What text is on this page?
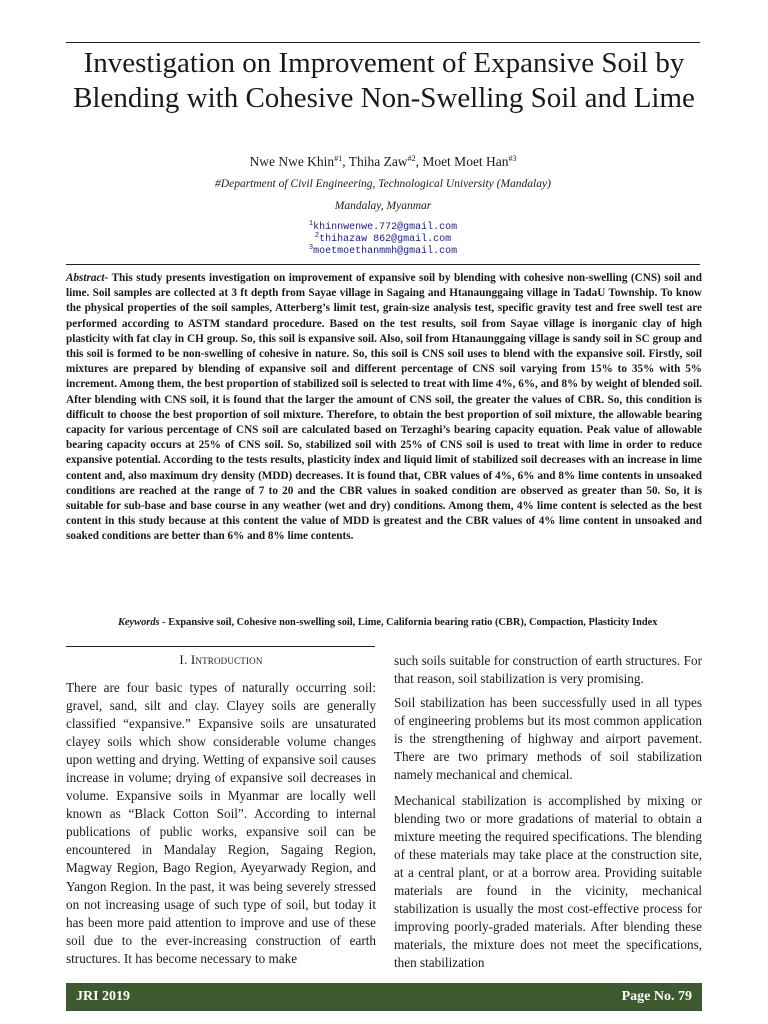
Investigation on Improvement of Expansive Soil by Blending with Cohesive Non-Swelling Soil and Lime
Nwe Nwe Khin$^{\#1}$, Thiha Zaw$^{\#2}$, Moet Moet Han$^{\#3}$
#Department of Civil Engineering, Technological University (Mandalay)
Mandalay, Myanmar
$^1$khinnwenwe.772@gmail.com
$^2$thihazaw 862@gmail.com
$^3$moetmoethanmmh@gmail.com

Abstract- This study presents investigation on improvement of expansive soil by blending with cohesive non-swelling (CNS) soil and lime. Soil samples are collected at 3 ft depth from Sayae village in Sagaing and Htanaunggaing village in TadaU Township. To know the physical properties of the soil samples, Atterberg’s limit test, grain-size analysis test, specific gravity test and free swell test are performed according to ASTM standard procedure. Based on the test results, soil from Sayae village is inorganic clay of high plasticity with fat clay in CH group. So, this soil is expansive soil. Also, soil from Htanaunggaing village is sandy soil in SC group and this soil is formed to be non-swelling of cohesive in nature. So, this soil is CNS soil uses to blend with the expansive soil. Firstly, soil mixtures are prepared by blending of expansive soil and different percentage of CNS soil varying from 15% to 35% with 5% increment. Among them, the best proportion of stabilized soil is selected to treat with lime 4%, 6%, and 8% by weight of blended soil. After blending with CNS soil, it is found that the larger the amount of CNS soil, the greater the values of CBR. So, this condition is difficult to choose the best proportion of soil mixture. Therefore, to obtain the best proportion of soil mixture, the allowable bearing capacity for various percentage of CNS soil are calculated based on Terzaghi’s bearing capacity equation. Peak value of allowable bearing capacity occurs at 25% of CNS soil. So, stabilized soil with 25% of CNS soil is used to treat with lime in order to reduce expansive potential. According to the tests results, plasticity index and liquid limit of stabilized soil decreases with an increase in lime content and, also maximum dry density (MDD) decreases. It is found that, CBR values of 4%, 6% and 8% lime contents in unsoaked conditions are reached at the range of 7 to 20 and the CBR values in soaked condition are observed as greater than 50. So, it is suitable for sub-base and base course in any weather (wet and dry) conditions. Among them, 4% lime content is selected as the best content in this study because at this content the value of MDD is greatest and the CBR values of 4% lime content in unsoaked and soaked conditions are better than 6% and 8% lime contents.

Keywords - Expansive soil, Cohesive non-swelling soil, Lime, California bearing ratio (CBR), Compaction, Plasticity Index
I. Introduction

There are four basic types of naturally occurring soil: gravel, sand, silt and clay. Clayey soils are generally classified “expansive.” Expansive soils are unsaturated clayey soils which show considerable volume changes upon wetting and drying. Wetting of expansive soil causes increase in volume; drying of expansive soil decreases in volume. Expansive soils in Myanmar are locally well known as “Black Cotton Soil”. According to internal publications of public works, expansive soil can be encountered in Mandalay Region, Sagaing Region, Magway Region, Bago Region, Ayeyarwady Region, and Yangon Region. In the past, it was being severely stressed on not increasing usage of such type of soil, but today it has been more paid attention to improve and use of these soil due to the ever-increasing construction of earth structures. It has become necessary to make

such soils suitable for construction of earth structures. For that reason, soil stabilization is very promising.

Soil stabilization has been successfully used in all types of engineering problems but its most common application is the strengthening of highway and airport pavement. There are two primary methods of soil stabilization namely mechanical and chemical.

Mechanical stabilization is accomplished by mixing or blending two or more gradations of material to obtain a mixture meeting the required specifications. The blending of these materials may take place at the construction site, at a central plant, or at a borrow area. Providing suitable materials are found in the vicinity, mechanical stabilization is usually the most cost-effective process for improving poorly-graded materials. After blending these materials, the mixture does not meet the specifications, then stabilization

JRI 2019	Page No. 79
